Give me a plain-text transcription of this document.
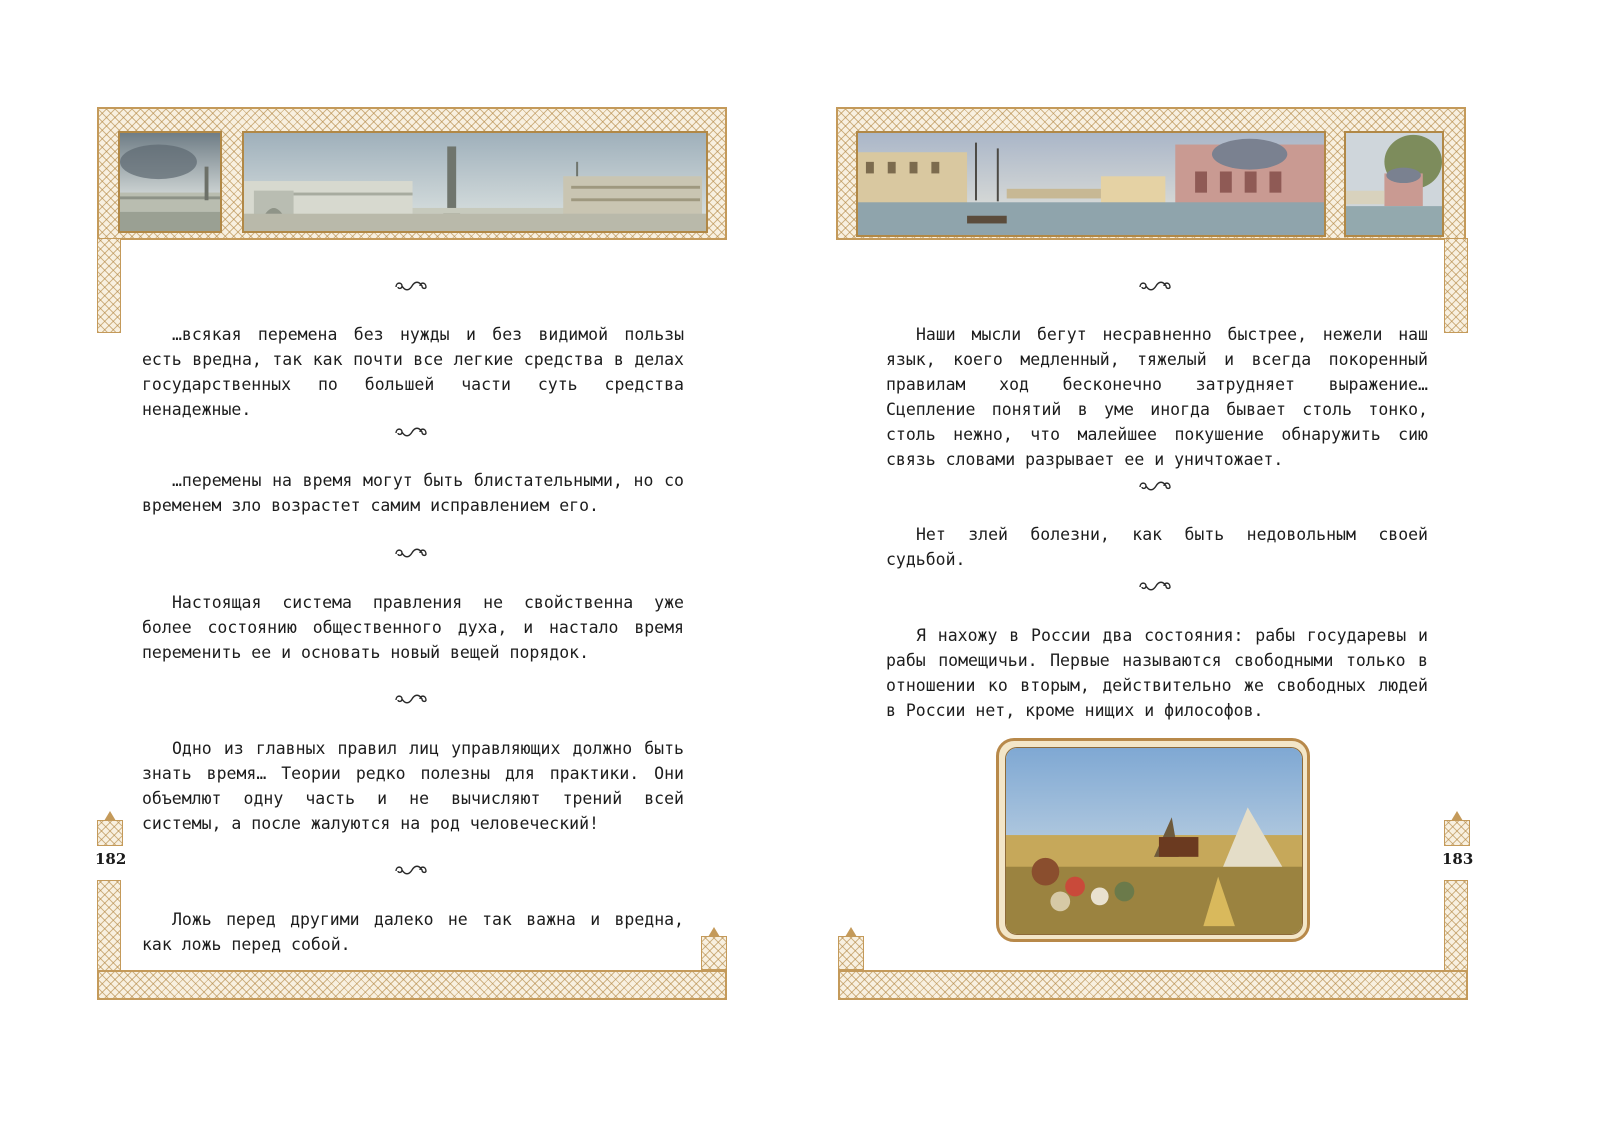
…всякая перемена без нужды и без видимой пользы есть вредна, так как почти все легкие средства в делах государственных по большей части суть средства ненадежные.

…перемены на время могут быть блистательными, но со временем зло возрастет самим исправлением его.

Настоящая система правления не свойственна уже более состоянию общественного духа, и настало время переменить ее и основать новый вещей порядок.

Одно из главных правил лиц управляющих должно быть знать время… Теории редко полезны для практики. Они объемлют одну часть и не вычисляют трений всей системы, а после жалуются на род человеческий!

Ложь перед другими далеко не так важна и вредна, как ложь перед собой.

182

Наши мысли бегут несравненно быстрее, нежели наш язык, коего медленный, тяжелый и всегда покоренный правилам ход бесконечно затрудняет выражение… Сцепление понятий в уме иногда бывает столь тонко, столь нежно, что малейшее покушение обнаружить сию связь словами разрывает ее и уничтожает.

Нет злей болезни, как быть недовольным своей судьбой.

Я нахожу в России два состояния: рабы государевы и рабы помещичьи. Первые называются свободными только в отношении ко вторым, действительно же свободных людей в России нет, кроме нищих и философов.

183
